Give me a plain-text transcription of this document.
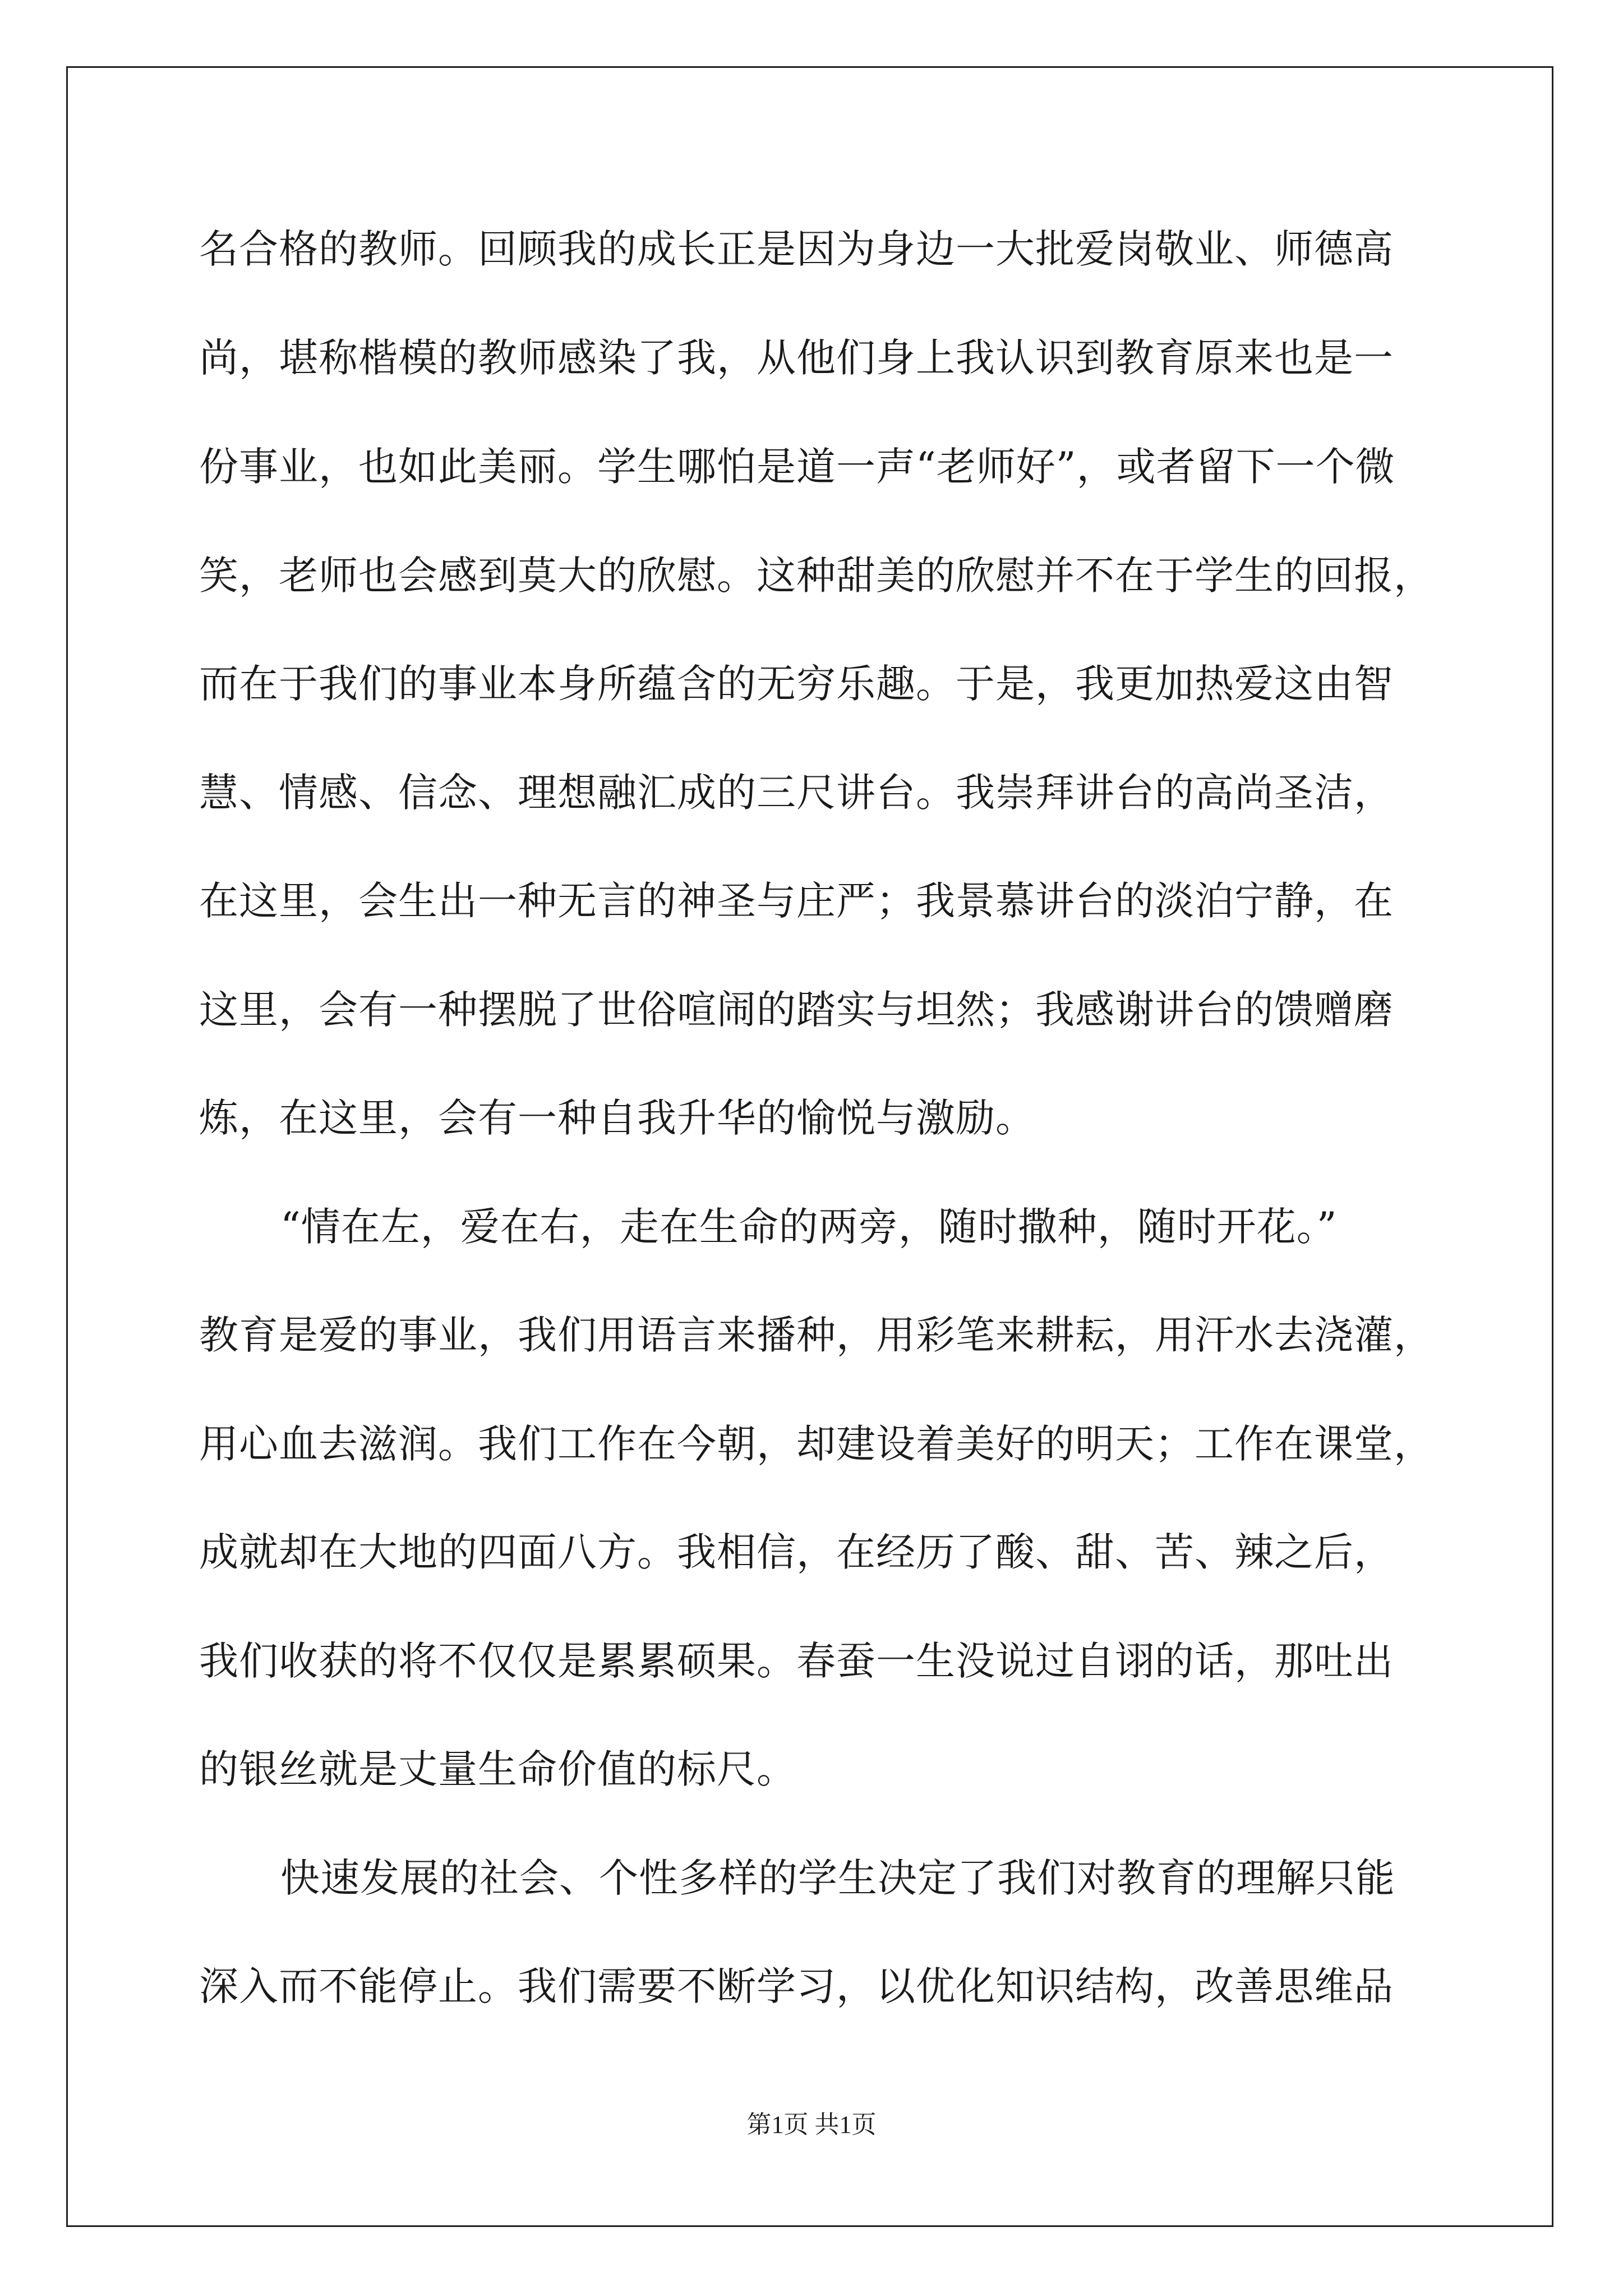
名合格的教师。回顾我的成长正是因为身边一大批爱岗敬业、师德高
尚，堪称楷模的教师感染了我，从他们身上我认识到教育原来也是一
份事业，也如此美丽。学生哪怕是道一声“老师好”，或者留下一个微
笑，老师也会感到莫大的欣慰。这种甜美的欣慰并不在于学生的回报，
而在于我们的事业本身所蕴含的无穷乐趣。于是，我更加热爱这由智
慧、情感、信念、理想融汇成的三尺讲台。我崇拜讲台的高尚圣洁，
在这里，会生出一种无言的神圣与庄严；我景慕讲台的淡泊宁静，在
这里，会有一种摆脱了世俗喧闹的踏实与坦然；我感谢讲台的馈赠磨
炼，在这里，会有一种自我升华的愉悦与激励。
“情在左，爱在右，走在生命的两旁，随时撒种，随时开花。”
教育是爱的事业，我们用语言来播种，用彩笔来耕耘，用汗水去浇灌，
用心血去滋润。我们工作在今朝，却建设着美好的明天；工作在课堂，
成就却在大地的四面八方。我相信，在经历了酸、甜、苦、辣之后，
我们收获的将不仅仅是累累硕果。春蚕一生没说过自诩的话，那吐出
的银丝就是丈量生命价值的标尺。
快速发展的社会、个性多样的学生决定了我们对教育的理解只能
深入而不能停止。我们需要不断学习，以优化知识结构，改善思维品
第1页 共1页
